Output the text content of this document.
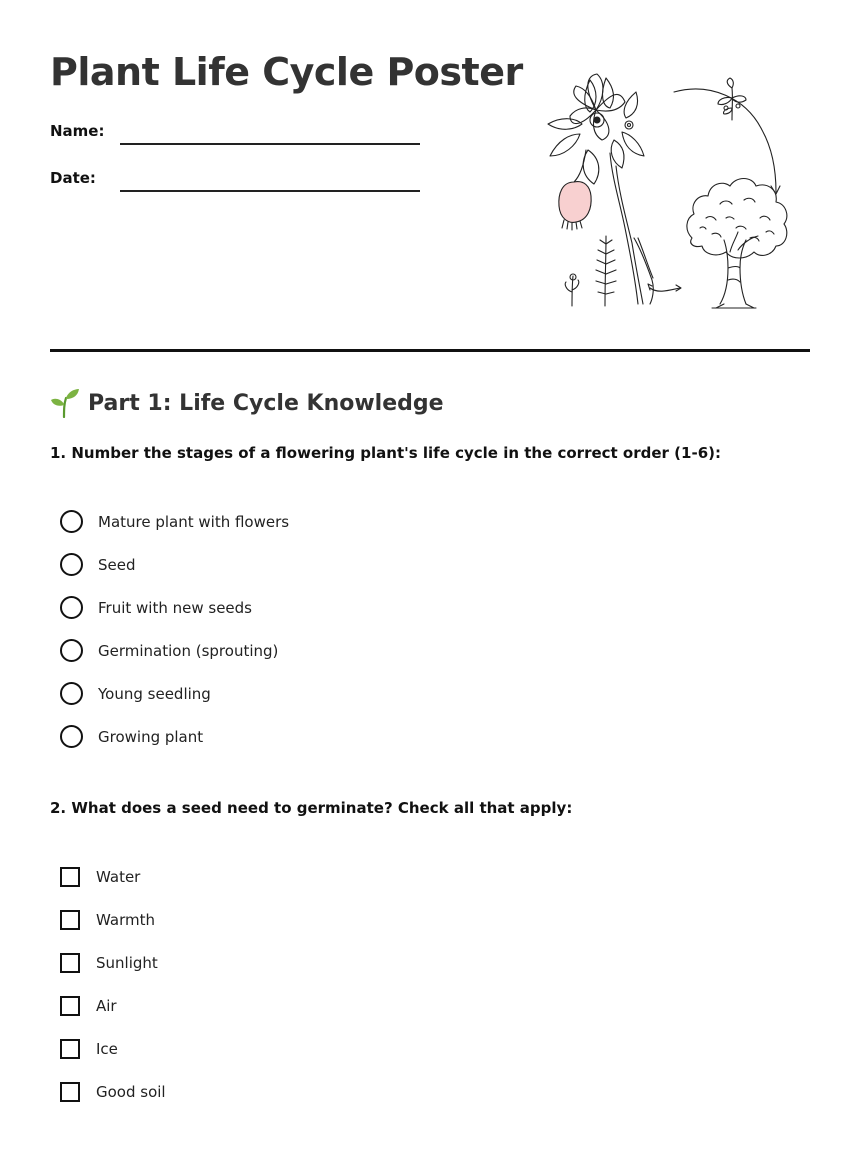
Plant Life Cycle Poster
Name:
Date:
Part 1: Life Cycle Knowledge

1. Number the stages of a flowering plant's life cycle in the correct order (1-6):

Mature plant with flowers
Seed
Fruit with new seeds
Germination (sprouting)
Young seedling
Growing plant

2. What does a seed need to germinate? Check all that apply:

Water
Warmth
Sunlight
Air
Ice
Good soil
